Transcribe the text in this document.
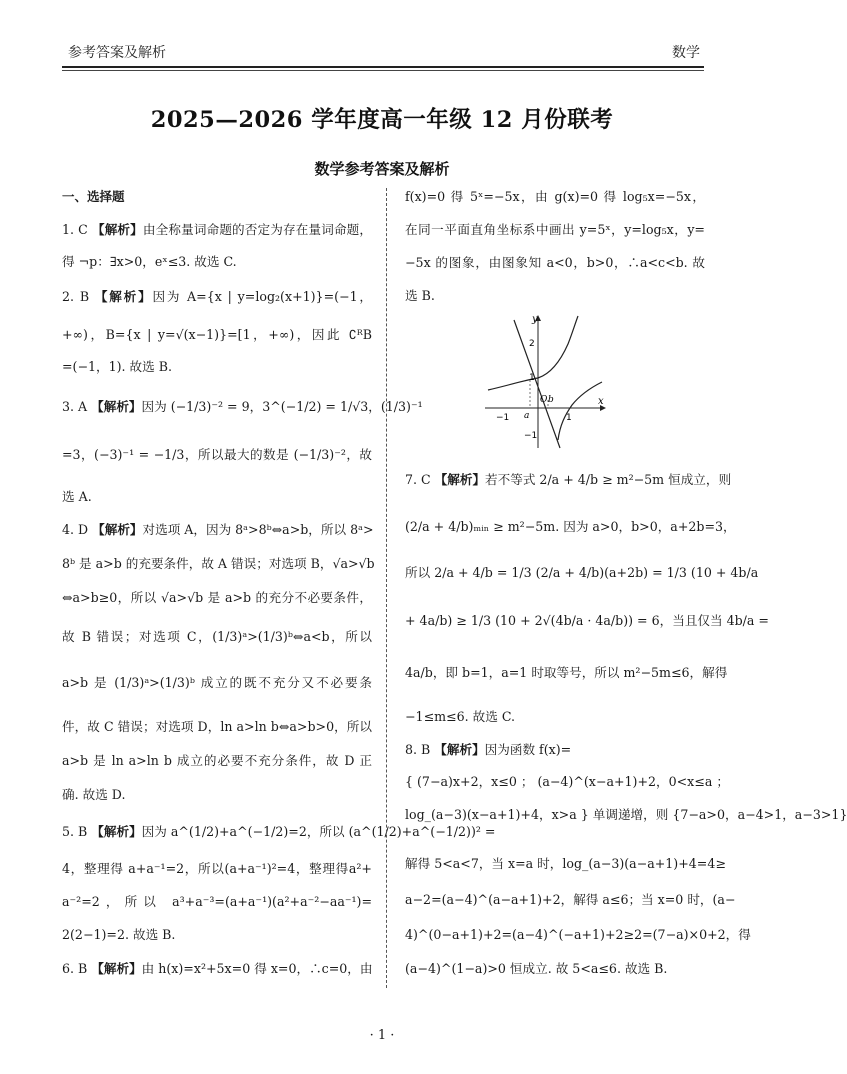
参考答案及解析	数学
2025—2026 学年度高一年级 12 月份联考
数学参考答案及解析
一、选择题
1. C 【解析】由全称量词命题的否定为存在量词命题，
得 ¬p：∃x>0，eˣ≤3. 故选 C.
2. B 【解析】因为 A={x | y=log₂(x+1)}=(−1，
+∞)，B={x | y=√(x−1)}=[1，+∞)，因此 ∁ᴿB
=(−1，1). 故选 B.
3. A 【解析】因为 (−1/3)⁻² = 9，3^(−1/2) = 1/√3，(1/3)⁻¹
=3，(−3)⁻¹ = −1/3，所以最大的数是 (−1/3)⁻²，故
选 A.
4. D 【解析】对选项 A，因为 8ᵃ>8ᵇ⇔a>b，所以 8ᵃ>
8ᵇ 是 a>b 的充要条件，故 A 错误；对选项 B，√a>√b
⇔a>b≥0，所以 √a>√b 是 a>b 的充分不必要条件，
故 B 错误；对选项 C，(1/3)ᵃ>(1/3)ᵇ⇔a<b，所以
a>b 是 (1/3)ᵃ>(1/3)ᵇ 成立的既不充分又不必要条
件，故 C 错误；对选项 D，ln a>ln b⇔a>b>0，所以
a>b 是 ln a>ln b 成立的必要不充分条件，故 D 正
确. 故选 D.
5. B 【解析】因为 a^(1/2)+a^(−1/2)=2，所以 (a^(1/2)+a^(−1/2))² =
4，整理得 a+a⁻¹=2，所以(a+a⁻¹)²=4，整理得a²+
a⁻²=2，所以 a³+a⁻³=(a+a⁻¹)(a²+a⁻²−aa⁻¹)=
2(2−1)=2. 故选 B.
6. B 【解析】由 h(x)=x²+5x=0 得 x=0，∴c=0，由
f(x)=0 得 5ˣ=−5x，由 g(x)=0 得 log₅x=−5x，
在同一平面直角坐标系中画出 y=5ˣ，y=log₅x，y=
−5x 的图象，由图象知 a<0，b>0，∴a<c<b. 故
选 B.
7. C 【解析】若不等式 2/a + 4/b ≥ m²−5m 恒成立，则
(2/a + 4/b)ₘᵢₙ ≥ m²−5m. 因为 a>0，b>0，a+2b=3，
所以 2/a + 4/b = 1/3 (2/a + 4/b)(a+2b) = 1/3 (10 + 4b/a
+ 4a/b) ≥ 1/3 (10 + 2√(4b/a · 4a/b)) = 6，当且仅当 4b/a =
4a/b，即 b=1，a=1 时取等号，所以 m²−5m≤6，解得
−1≤m≤6. 故选 C.
8. B 【解析】因为函数 f(x)=
{ (7−a)x+2，x≤0 ； (a−4)^(x−a+1)+2，0<x≤a ；
log_(a−3)(x−a+1)+4，x>a } 单调递增，则 {7−a>0，a−4>1，a−3>1}
解得 5<a<7，当 x=a 时，log_(a−3)(a−a+1)+4=4≥
a−2=(a−4)^(a−a+1)+2，解得 a≤6；当 x=0 时，(a−
4)^(0−a+1)+2=(a−4)^(−a+1)+2≥2=(7−a)×0+2，得
(a−4)^(1−a)>0 恒成立. 故 5<a≤6. 故选 B.
y
x
2
1
−1
−1	1
O
a
b
· 1 ·
